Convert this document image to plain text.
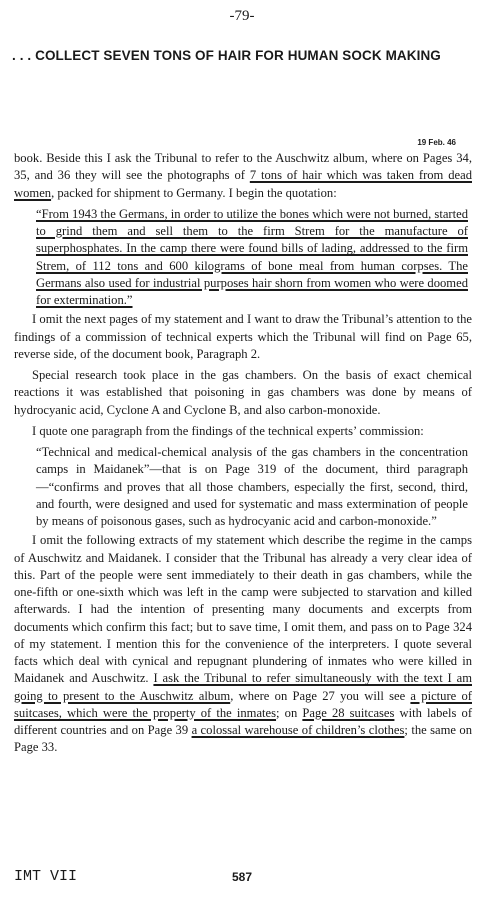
-79-
. . . COLLECT SEVEN TONS OF HAIR FOR HUMAN SOCK MAKING
19 Feb. 46

book. Beside this I ask the Tribunal to refer to the Auschwitz album, where on Pages 34, 35, and 36 they will see the photographs of 7 tons of hair which was taken from dead women, packed for shipment to Germany. I begin the quotation:

“From 1943 the Germans, in order to utilize the bones which were not burned, started to grind them and sell them to the firm Strem for the manufacture of superphosphates. In the camp there were found bills of lading, addressed to the firm Strem, of 112 tons and 600 kilograms of bone meal from human corpses. The Germans also used for industrial purposes hair shorn from women who were doomed for extermination.”

I omit the next pages of my statement and I want to draw the Tribunal’s attention to the findings of a commission of technical experts which the Tribunal will find on Page 65, reverse side, of the document book, Paragraph 2.

Special research took place in the gas chambers. On the basis of exact chemical reactions it was established that poisoning in gas chambers was done by means of hydrocyanic acid, Cyclone A and Cyclone B, and also carbon-monoxide.

I quote one paragraph from the findings of the technical experts’ commission:

“Technical and medical-chemical analysis of the gas chambers in the concentration camps in Maidanek”—that is on Page 319 of the document, third paragraph—“confirms and proves that all those chambers, especially the first, second, third, and fourth, were designed and used for systematic and mass extermination of people by means of poisonous gases, such as hydrocyanic acid and carbon-monoxide.”

I omit the following extracts of my statement which describe the regime in the camps of Auschwitz and Maidanek. I consider that the Tribunal has already a very clear idea of this. Part of the people were sent immediately to their death in gas chambers, while the one-fifth or one-sixth which was left in the camp were subjected to starvation and killed afterwards. I had the intention of presenting many documents and excerpts from documents which confirm this fact; but to save time, I omit them, and pass on to Page 324 of my statement. I mention this for the convenience of the interpreters. I quote several facts which deal with cynical and repugnant plundering of inmates who were killed in Maidanek and Auschwitz. I ask the Tribunal to refer simultaneously with the text I am going to present to the Auschwitz album, where on Page 27 you will see a picture of suitcases, which were the property of the inmates; on Page 28 suitcases with labels of different countries and on Page 39 a colossal warehouse of children’s clothes; the same on Page 33.

IMT VII	587
